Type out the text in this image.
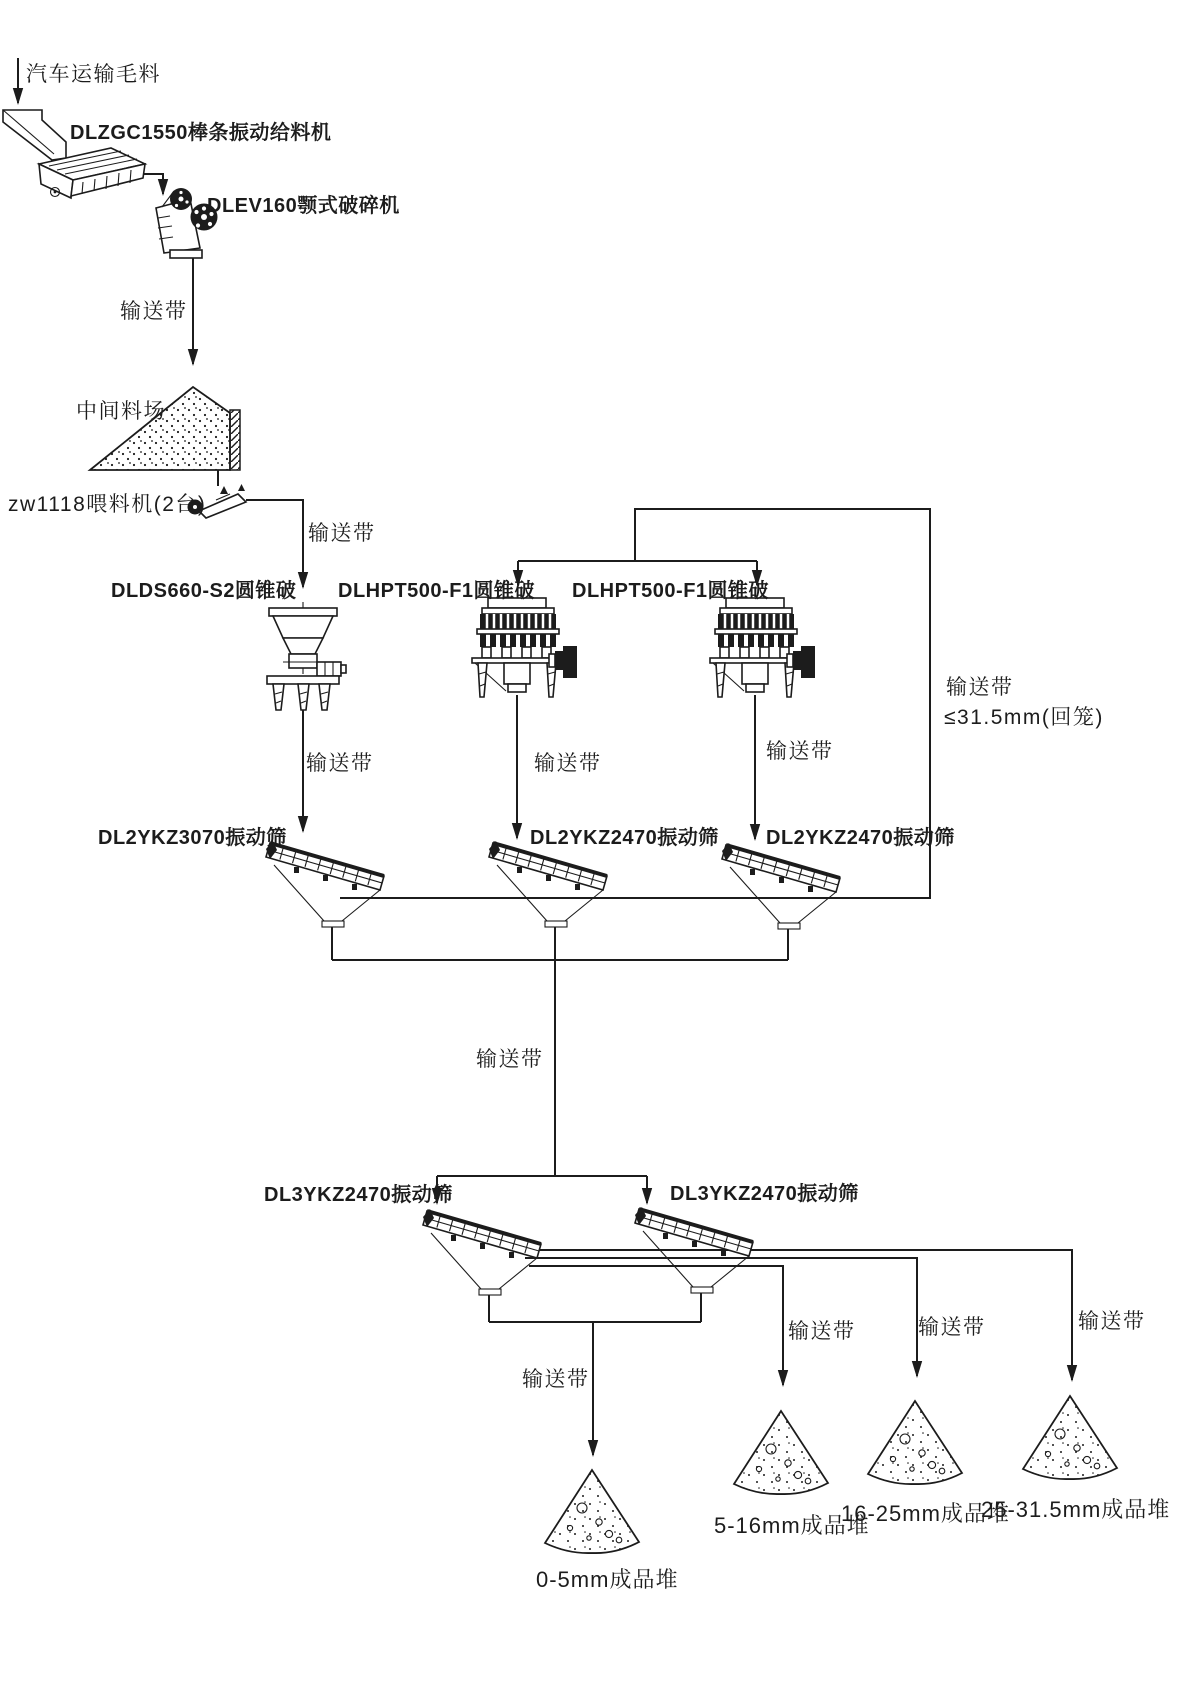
汽车运输毛料
DLZGC1550棒条振动给料机
DLEV160颚式破碎机
输送带
中间料场
zw1118喂料机(2台)
输送带
DLDS660-S2圆锥破 DLHPT500-F1圆锥破 DLHPT500-F1圆锥破
输送带
≤31.5mm(回笼)
输送带	输送带
输送带
DL2YKZ3070振动筛	DL2YKZ2470振动筛 DL2YKZ2470振动筛
输送带
DL3YKZ2470振动筛	DL3YKZ2470振动筛
输送带
输送带	输送带	输送带
0-5mm成品堆
5-16mm成品堆
16-25mm成品堆
25-31.5mm成品堆
